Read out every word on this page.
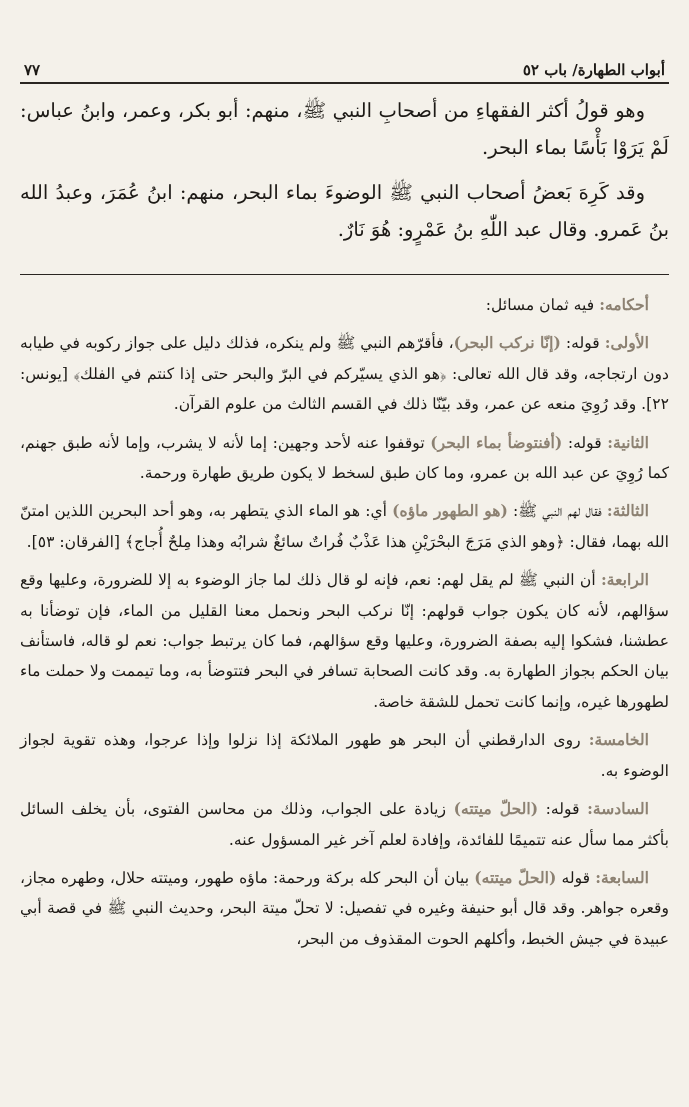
أبواب الطهارة/ باب ٥٢
٧٧

وهو قولُ أكثر الفقهاءِ من أصحابِ النبي ﷺ، منهم: أبو بكر، وعمر، وابنُ عباس: لَمْ يَرَوْا بَأْسًا بماء البحر.

وقد كَرِهَ بَعضُ أصحاب النبي ﷺ الوضوءَ بماء البحر، منهم: ابنُ عُمَرَ، وعبدُ الله بنُ عَمرو. وقال عبد اللّٰهِ بنُ عَمْرٍو: هُوَ نَارٌ.

أحكامه: فيه ثمان مسائل:

الأولى: قوله: (إنّا نركب البحر)، فأقرّهم النبي ﷺ ولم ينكره، فذلك دليل على جواز ركوبه في طيابه دون ارتجاجه، وقد قال الله تعالى: ﴿هو الذي يسيّركم في البرّ والبحر حتى إذا كنتم في الفلك﴾ [يونس: ٢٢]. وقد رُوِيَ منعه عن عمر، وقد بيّنّا ذلك في القسم الثالث من علوم القرآن.

الثانية: قوله: (أفنتوضأ بماء البحر) توقفوا عنه لأحد وجهين: إما لأنه لا يشرب، وإما لأنه طبق جهنم، كما رُوِيَ عن عبد الله بن عمرو، وما كان طبق لسخط لا يكون طريق طهارة ورحمة.

الثالثة: فقال لهم النبي ﷺ: (هو الطهور ماؤه) أي: هو الماء الذي يتطهر به، وهو أحد البحرين اللذين امتنّ الله بهما، فقال: ﴿وهو الذي مَرَجَ البحْرَيْنِ هذا عَذْبٌ فُراتٌ سائغٌ شرابُه وهذا مِلحٌ أُجاج﴾ [الفرقان: ٥٣].

الرابعة: أن النبي ﷺ لم يقل لهم: نعم، فإنه لو قال ذلك لما جاز الوضوء به إلا للضرورة، وعليها وقع سؤالهم، لأنه كان يكون جواب قولهم: إنّا نركب البحر ونحمل معنا القليل من الماء، فإن توضأنا به عطشنا، فشكوا إليه بصفة الضرورة، وعليها وقع سؤالهم، فما كان يرتبط جواب: نعم لو قاله، فاستأنف بيان الحكم بجواز الطهارة به. وقد كانت الصحابة تسافر في البحر فتتوضأ به، وما تيممت ولا حملت ماء لطهورها غيره، وإنما كانت تحمل للشقة خاصة.

الخامسة: روى الدارقطني أن البحر هو طهور الملائكة إذا نزلوا وإذا عرجوا، وهذه تقوية لجواز الوضوء به.

السادسة: قوله: (الحلّ ميتته) زيادة على الجواب، وذلك من محاسن الفتوى، بأن يخلف السائل بأكثر مما سأل عنه تتميمًا للفائدة، وإفادة لعلم آخر غير المسؤول عنه.

السابعة: قوله (الحلّ ميتته) بيان أن البحر كله بركة ورحمة: ماؤه طهور، وميتته حلال، وطهره مجاز، وقعره جواهر. وقد قال أبو حنيفة وغيره في تفصيل: لا تحلّ ميتة البحر، وحديث النبي ﷺ في قصة أبي عبيدة في جيش الخبط، وأكلهم الحوت المقذوف من البحر،
